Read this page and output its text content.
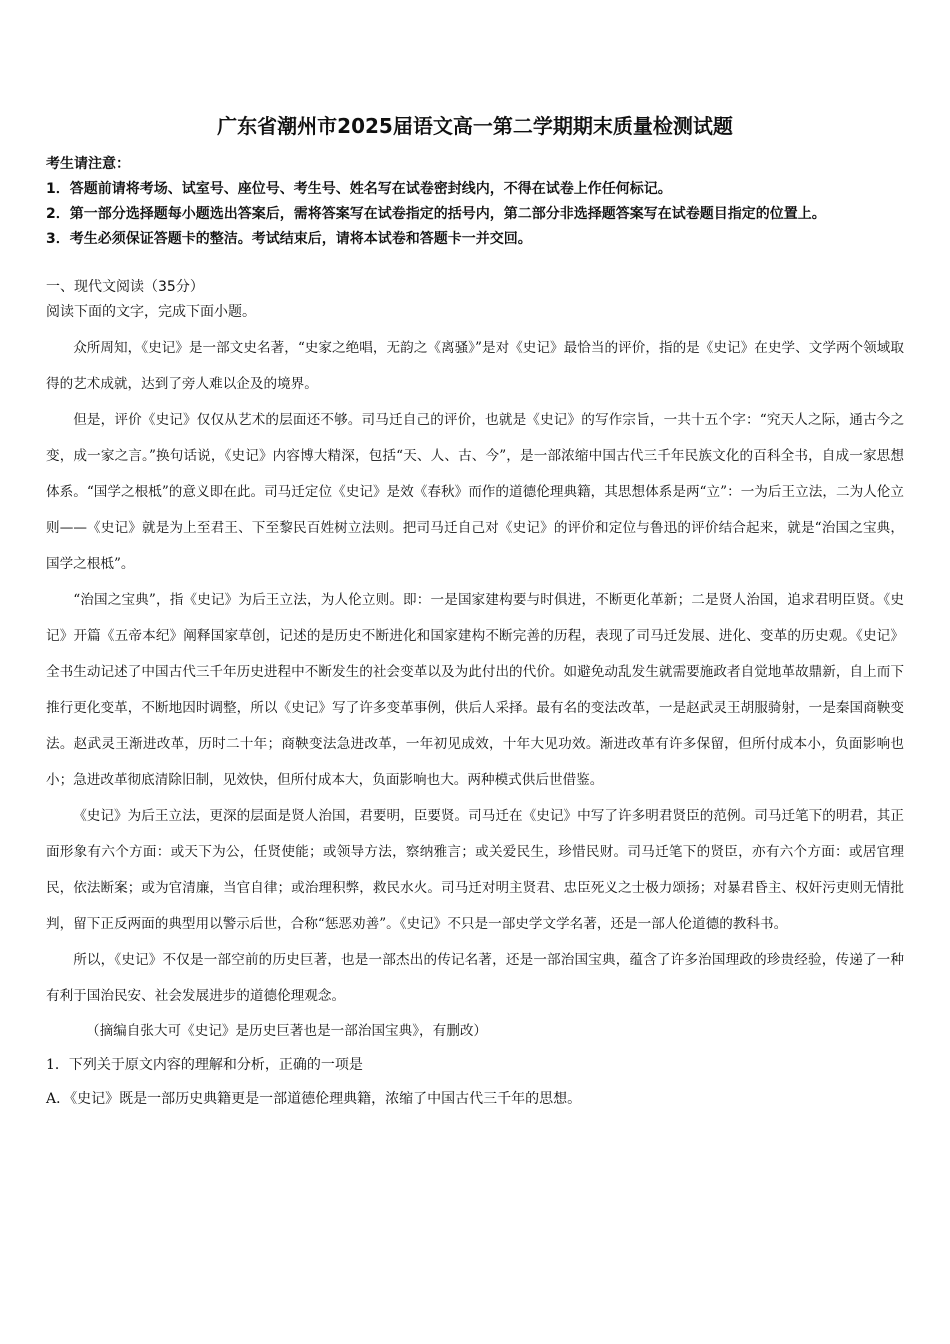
广东省潮州市2025届语文高一第二学期期末质量检测试题

考生请注意：

1．答题前请将考场、试室号、座位号、考生号、姓名写在试卷密封线内，不得在试卷上作任何标记。

2．第一部分选择题每小题选出答案后，需将答案写在试卷指定的括号内，第二部分非选择题答案写在试卷题目指定的位置上。

3．考生必须保证答题卡的整洁。考试结束后，请将本试卷和答题卡一并交回。

一、现代文阅读（35分）

阅读下面的文字，完成下面小题。

众所周知，《史记》是一部文史名著，“史家之绝唱，无韵之《离骚》”是对《史记》最恰当的评价，指的是《史记》在史学、文学两个领域取得的艺术成就，达到了旁人难以企及的境界。

但是，评价《史记》仅仅从艺术的层面还不够。司马迁自己的评价，也就是《史记》的写作宗旨，一共十五个字：“究天人之际，通古今之变，成一家之言。”换句话说，《史记》内容博大精深，包括“天、人、古、今”，是一部浓缩中国古代三千年民族文化的百科全书，自成一家思想体系。“国学之根柢”的意义即在此。司马迁定位《史记》是效《春秋》而作的道德伦理典籍，其思想体系是两“立”：一为后王立法，二为人伦立则——《史记》就是为上至君王、下至黎民百姓树立法则。把司马迁自己对《史记》的评价和定位与鲁迅的评价结合起来，就是“治国之宝典，国学之根柢”。

“治国之宝典”，指《史记》为后王立法，为人伦立则。即：一是国家建构要与时俱进，不断更化革新；二是贤人治国，追求君明臣贤。《史记》开篇《五帝本纪》阐释国家草创，记述的是历史不断进化和国家建构不断完善的历程，表现了司马迁发展、进化、变革的历史观。《史记》全书生动记述了中国古代三千年历史进程中不断发生的社会变革以及为此付出的代价。如避免动乱发生就需要施政者自觉地革故鼎新，自上而下推行更化变革，不断地因时调整，所以《史记》写了许多变革事例，供后人采择。最有名的变法改革，一是赵武灵王胡服骑射，一是秦国商鞅变法。赵武灵王渐进改革，历时二十年；商鞅变法急进改革，一年初见成效，十年大见功效。渐进改革有许多保留，但所付成本小，负面影响也小；急进改革彻底清除旧制，见效快，但所付成本大，负面影响也大。两种模式供后世借鉴。

《史记》为后王立法，更深的层面是贤人治国，君要明，臣要贤。司马迁在《史记》中写了许多明君贤臣的范例。司马迁笔下的明君，其正面形象有六个方面：或天下为公，任贤使能；或领导方法，察纳雅言；或关爱民生，珍惜民财。司马迁笔下的贤臣，亦有六个方面：或居官理民，依法断案；或为官清廉，当官自律；或治理积弊，救民水火。司马迁对明主贤君、忠臣死义之士极力颂扬；对暴君昏主、权奸污吏则无情批判，留下正反两面的典型用以警示后世，合称“惩恶劝善”。《史记》不只是一部史学文学名著，还是一部人伦道德的教科书。

所以，《史记》不仅是一部空前的历史巨著，也是一部杰出的传记名著，还是一部治国宝典，蕴含了许多治国理政的珍贵经验，传递了一种有利于国治民安、社会发展进步的道德伦理观念。

（摘编自张大可《史记》是历史巨著也是一部治国宝典》，有删改）

1．下列关于原文内容的理解和分析，正确的一项是

A．《史记》既是一部历史典籍更是一部道德伦理典籍，浓缩了中国古代三千年的思想。
